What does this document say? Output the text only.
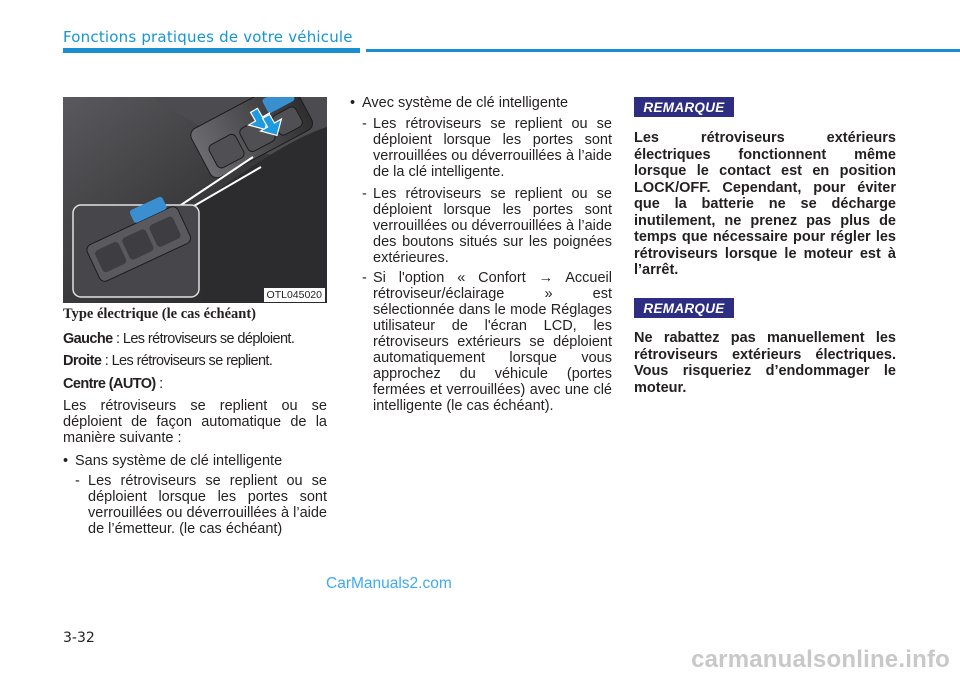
Fonctions pratiques de votre véhicule
OTL045020
Type électrique (le cas échéant)
Gauche : Les rétroviseurs se déploient.
Droite : Les rétroviseurs se replient.
Centre (AUTO) :
Les rétroviseurs se replient ou se déploient de façon automatique de la manière suivante :
• Sans système de clé intelligente
- Les rétroviseurs se replient ou se déploient lorsque les portes sont verrouillées ou déverrouillées à l’aide de l’émetteur. (le cas échéant)
• Avec système de clé intelligente
- Les rétroviseurs se replient ou se déploient lorsque les portes sont verrouillées ou déverrouillées à l’aide de la clé intelligente.
- Les rétroviseurs se replient ou se déploient lorsque les portes sont verrouillées ou déverrouillées à l’aide des boutons situés sur les poignées extérieures.
- Si l'option « Confort → Accueil rétroviseur/éclairage » est sélectionnée dans le mode Réglages utilisateur de l'écran LCD, les rétroviseurs extérieurs se déploient automatiquement lorsque vous approchez du véhicule (portes fermées et verrouillées) avec une clé intelligente (le cas échéant).
REMARQUE
Les rétroviseurs extérieurs électriques fonctionnent même lorsque le contact est en position LOCK/OFF. Cependant, pour éviter que la batterie ne se décharge inutilement, ne prenez pas plus de temps que nécessaire pour régler les rétroviseurs lorsque le moteur est à l’arrêt.
REMARQUE
Ne rabattez pas manuellement les rétroviseurs extérieurs électriques. Vous risqueriez d’endommager le moteur.
CarManuals2.com
3-32
carmanualsonline.info
